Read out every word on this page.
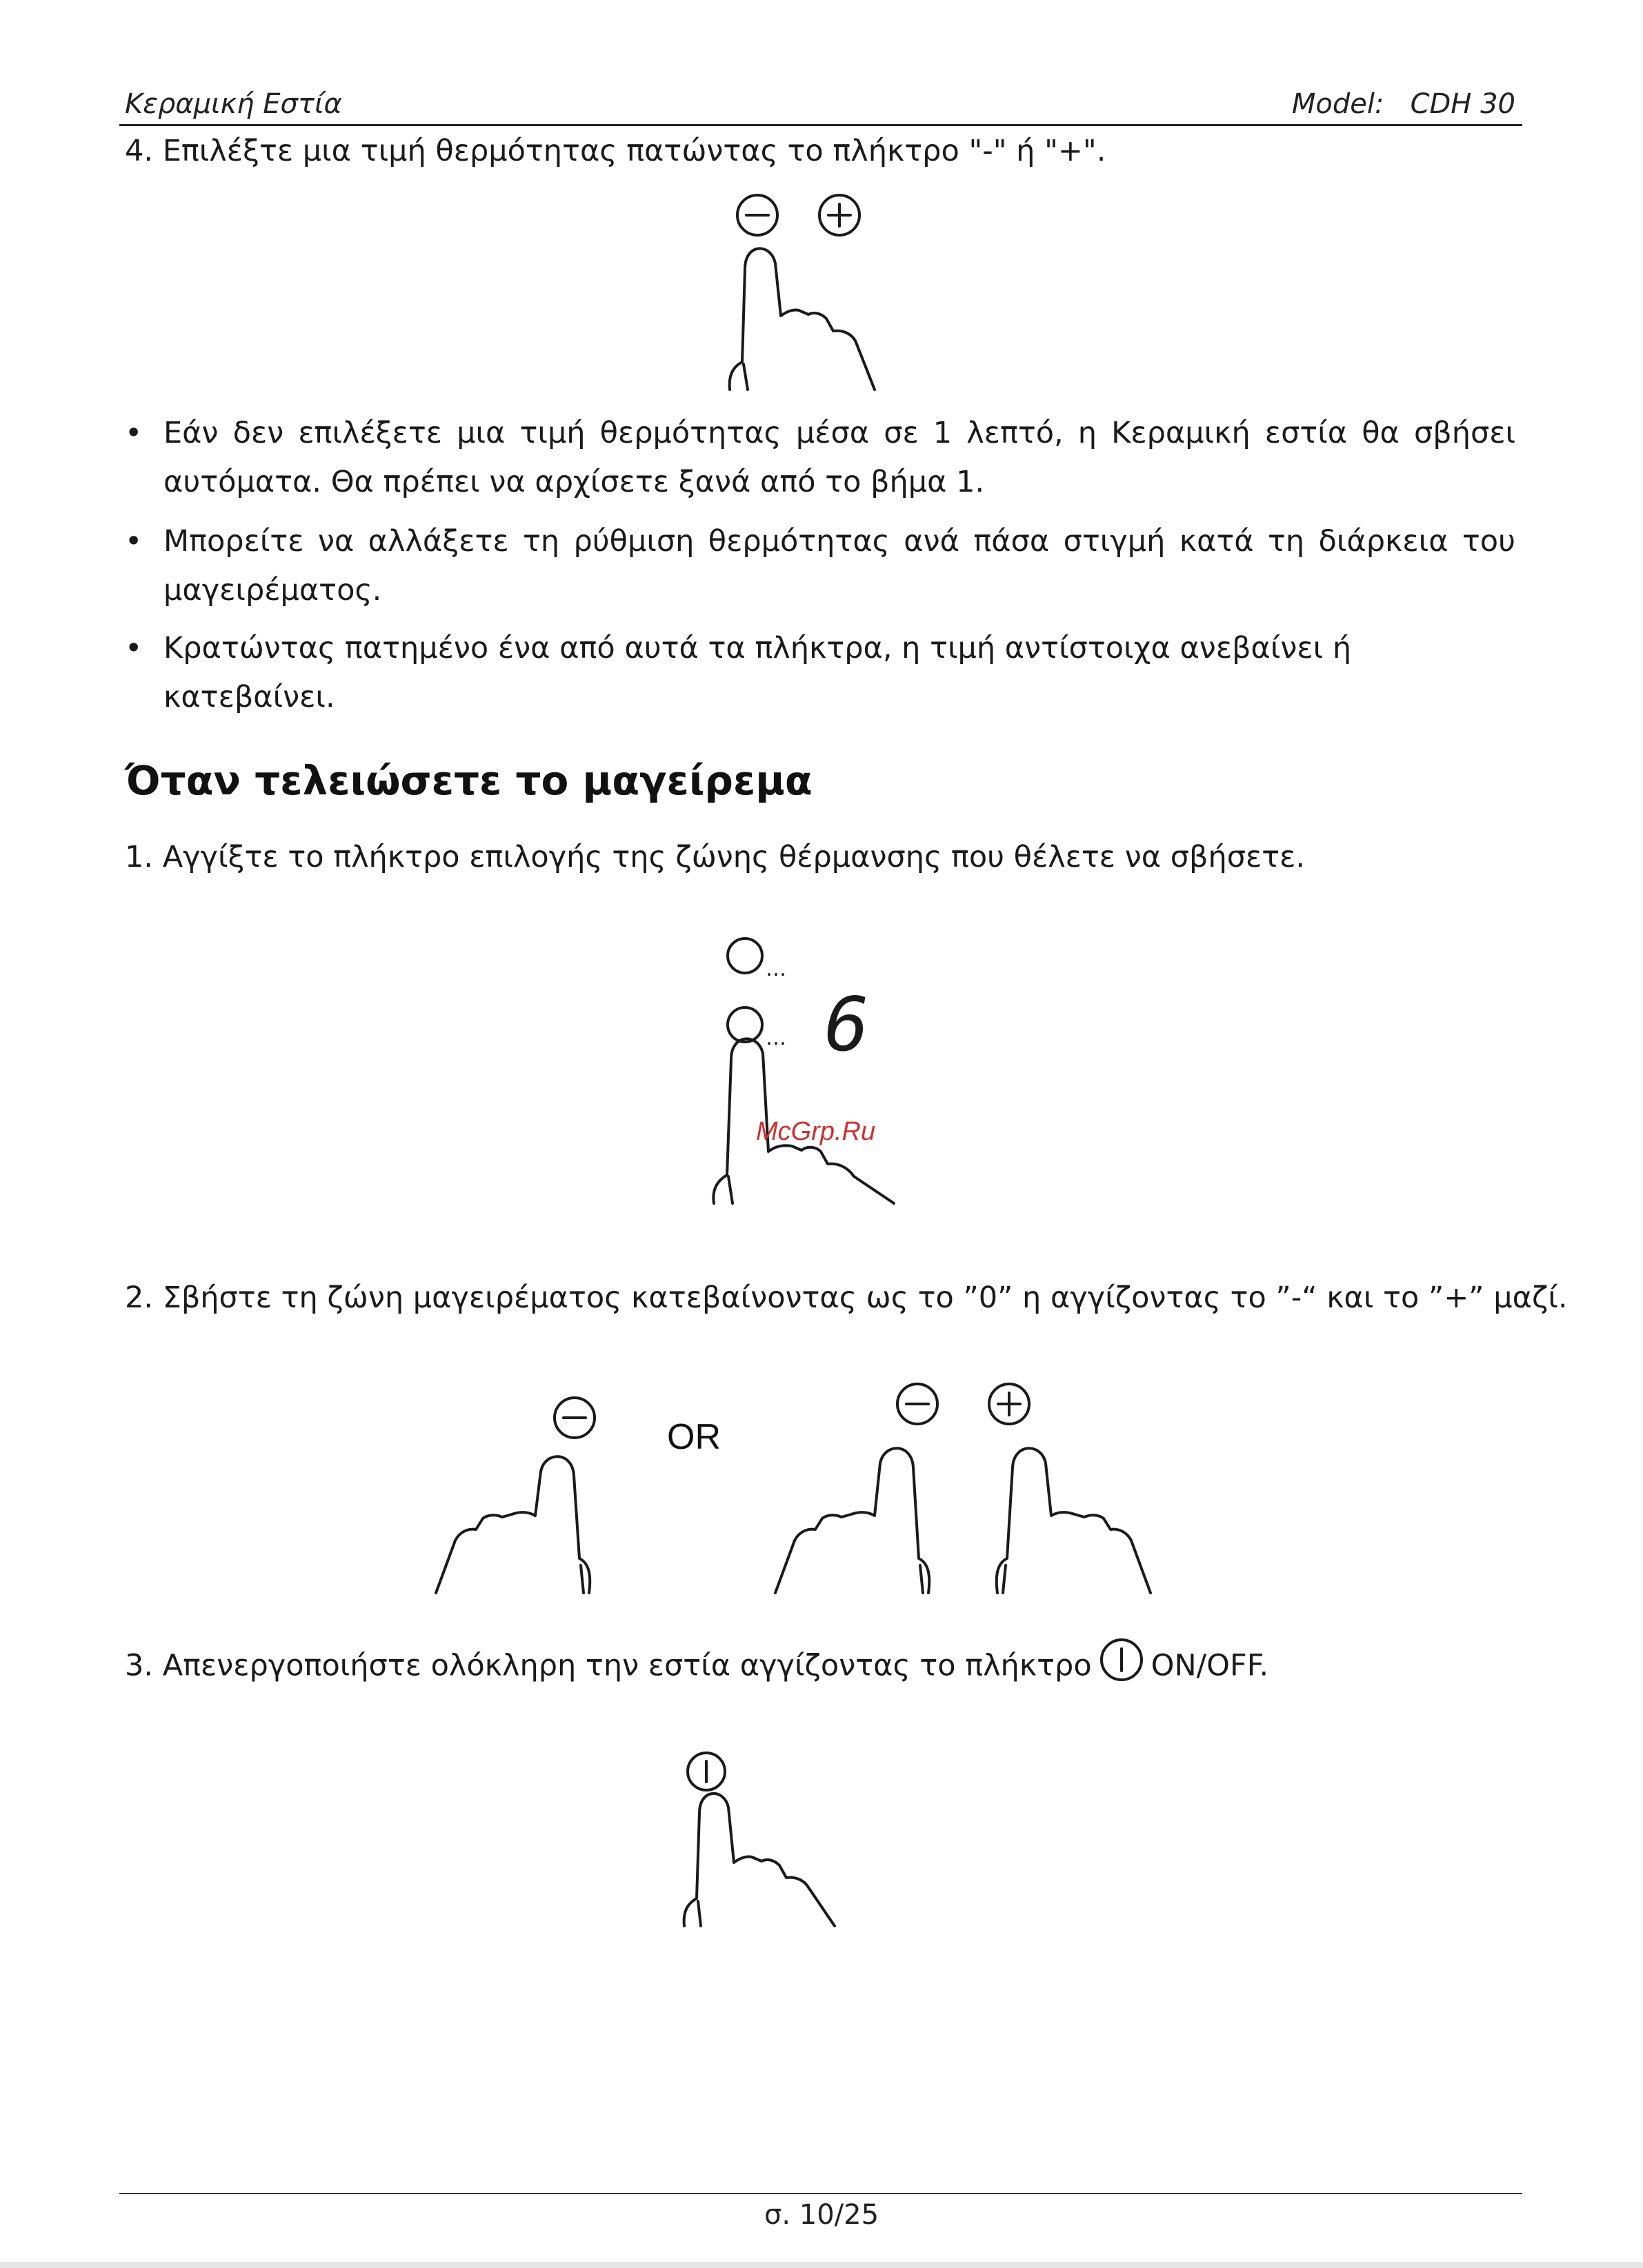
Κεραμική Εστία	Model: CDH 30
4. Επιλέξτε μια τιμή θερμότητας πατώντας το πλήκτρο "-" ή "+".
• Εάν δεν επιλέξετε μια τιμή θερμότητας μέσα σε 1 λεπτό, η Κεραμική εστία θα σβήσει αυτόματα. Θα πρέπει να αρχίσετε ξανά από το βήμα 1.
• Μπορείτε να αλλάξετε τη ρύθμιση θερμότητας ανά πάσα στιγμή κατά τη διάρκεια του μαγειρέματος.
• Κρατώντας πατημένο ένα από αυτά τα πλήκτρα, η τιμή αντίστοιχα ανεβαίνει ή κατεβαίνει.
Όταν τελειώσετε το μαγείρεμα
1. Αγγίξτε το πλήκτρο επιλογής της ζώνης θέρμανσης που θέλετε να σβήσετε.
…
… 6
McGrp.Ru
2. Σβήστε τη ζώνη μαγειρέματος κατεβαίνοντας ως το ”0” η αγγίζοντας το ”-“ και το ”+” μαζί.
OR
3. Απενεργοποιήστε ολόκληρη την εστία αγγίζοντας το πλήκτρο ON/OFF.
σ. 10/25
